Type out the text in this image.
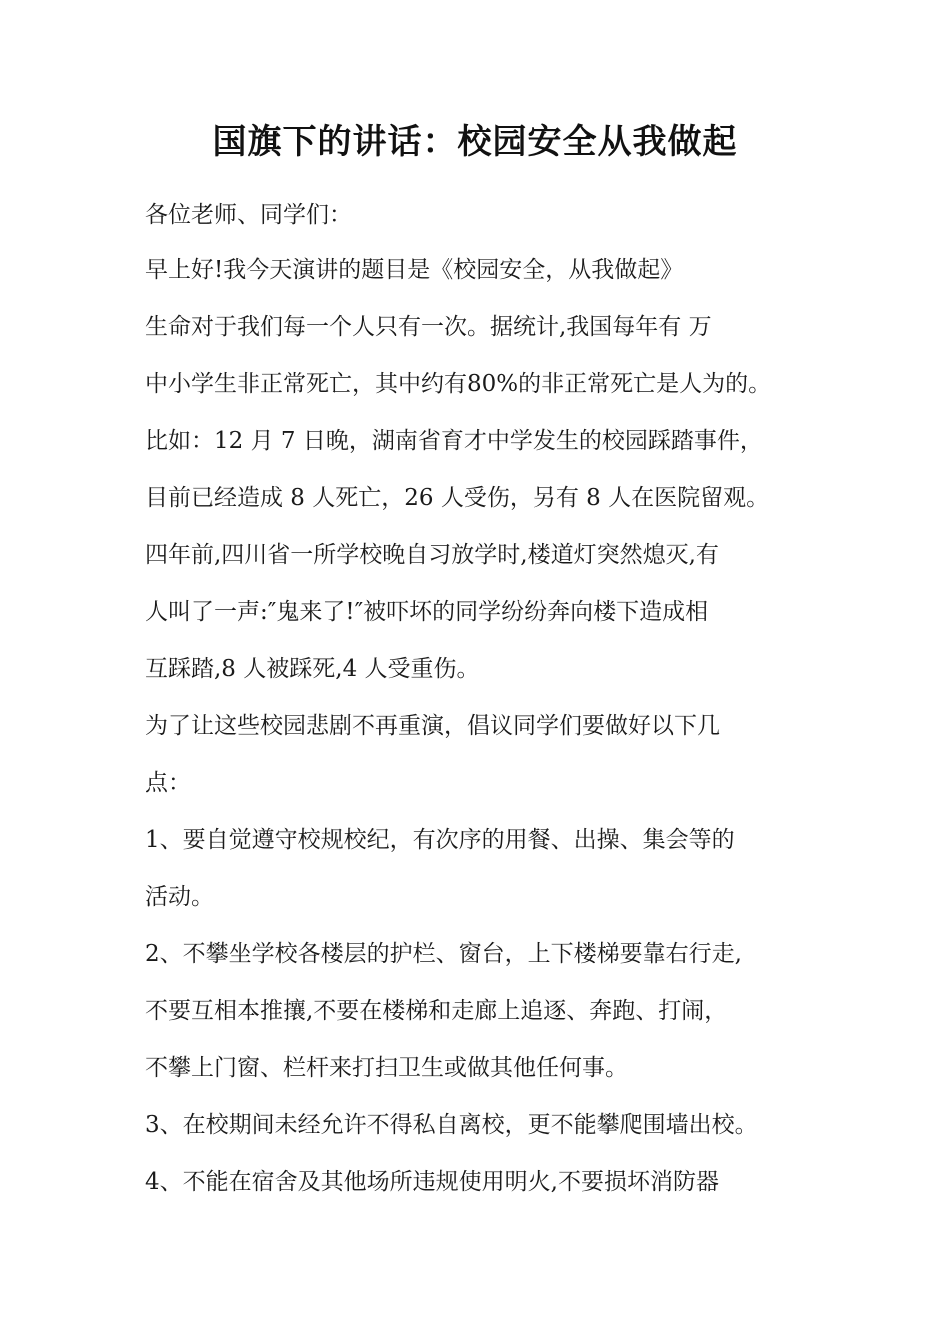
国旗下的讲话：校园安全从我做起
各位老师、同学们：
早上好!我今天演讲的题目是《校园安全，从我做起》
生命对于我们每一个人只有一次。据统计,我国每年有 万
中小学生非正常死亡，其中约有80%的非正常死亡是人为的。
比如：12 月 7 日晚，湖南省育才中学发生的校园踩踏事件，
目前已经造成 8 人死亡，26 人受伤，另有 8 人在医院留观。
四年前,四川省一所学校晚自习放学时,楼道灯突然熄灭,有
人叫了一声:″鬼来了!″被吓坏的同学纷纷奔向楼下造成相
互踩踏,8 人被踩死,4 人受重伤。
为了让这些校园悲剧不再重演，倡议同学们要做好以下几
点：
1、要自觉遵守校规校纪，有次序的用餐、出操、集会等的
活动。
2、不攀坐学校各楼层的护栏、窗台，上下楼梯要靠右行走,
不要互相本推攘,不要在楼梯和走廊上追逐、奔跑、打闹，
不攀上门窗、栏杆来打扫卫生或做其他任何事。
3、在校期间未经允许不得私自离校，更不能攀爬围墙出校。
4、不能在宿舍及其他场所违规使用明火,不要损坏消防器
